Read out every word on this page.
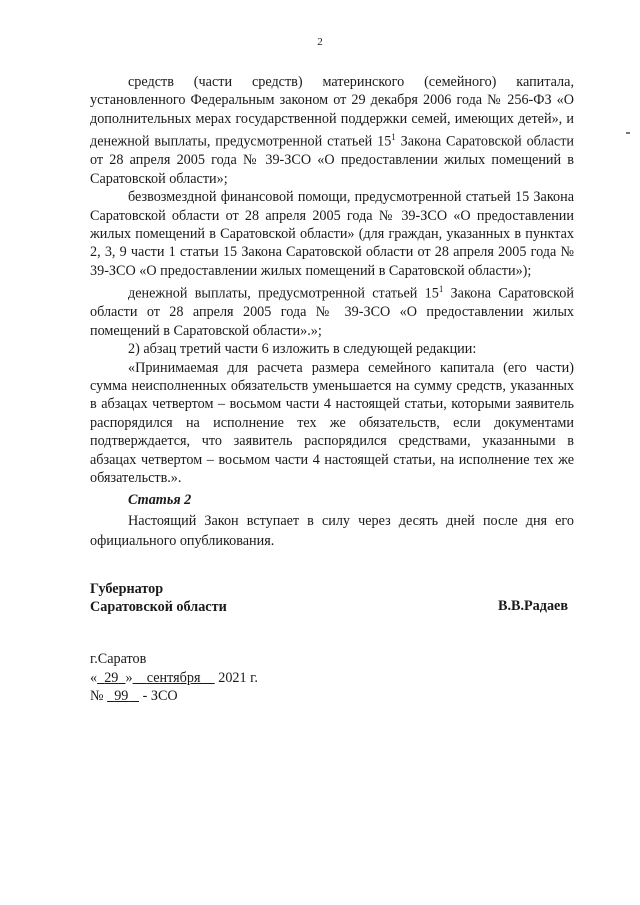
2

средств (части средств) материнского (семейного) капитала, установленного Федеральным законом от 29 декабря 2006 года № 256-ФЗ «О дополнительных мерах государственной поддержки семей, имеющих детей», и денежной выплаты, предусмотренной статьей $15^1$ Закона Саратовской области от 28 апреля 2005 года № 39-ЗСО «О предоставлении жилых помещений в Саратовской области»;

безвозмездной финансовой помощи, предусмотренной статьей 15 Закона Саратовской области от 28 апреля 2005 года № 39-ЗСО «О предоставлении жилых помещений в Саратовской области» (для граждан, указанных в пунктах 2, 3, 9 части 1 статьи 15 Закона Саратовской области от 28 апреля 2005 года № 39-ЗСО «О предоставлении жилых помещений в Саратовской области»);

денежной выплаты, предусмотренной статьей $15^1$ Закона Саратовской области от 28 апреля 2005 года № 39-ЗСО «О предоставлении жилых помещений в Саратовской области».»;

2) абзац третий части 6 изложить в следующей редакции:

«Принимаемая для расчета размера семейного капитала (его части) сумма неисполненных обязательств уменьшается на сумму средств, указанных в абзацах четвертом – восьмом части 4 настоящей статьи, которыми заявитель распорядился на исполнение тех же обязательств, если документами подтверждается, что заявитель распорядился средствами, указанными в абзацах четвертом – восьмом части 4 настоящей статьи, на исполнение тех же обязательств.».

Статья 2

Настоящий Закон вступает в силу через десять дней после дня его официального опубликования.

Губернатор
Саратовской области	В.В.Радаев
г.Саратов
« 29 » сентября 2021 г.
№ 99 - ЗСО
